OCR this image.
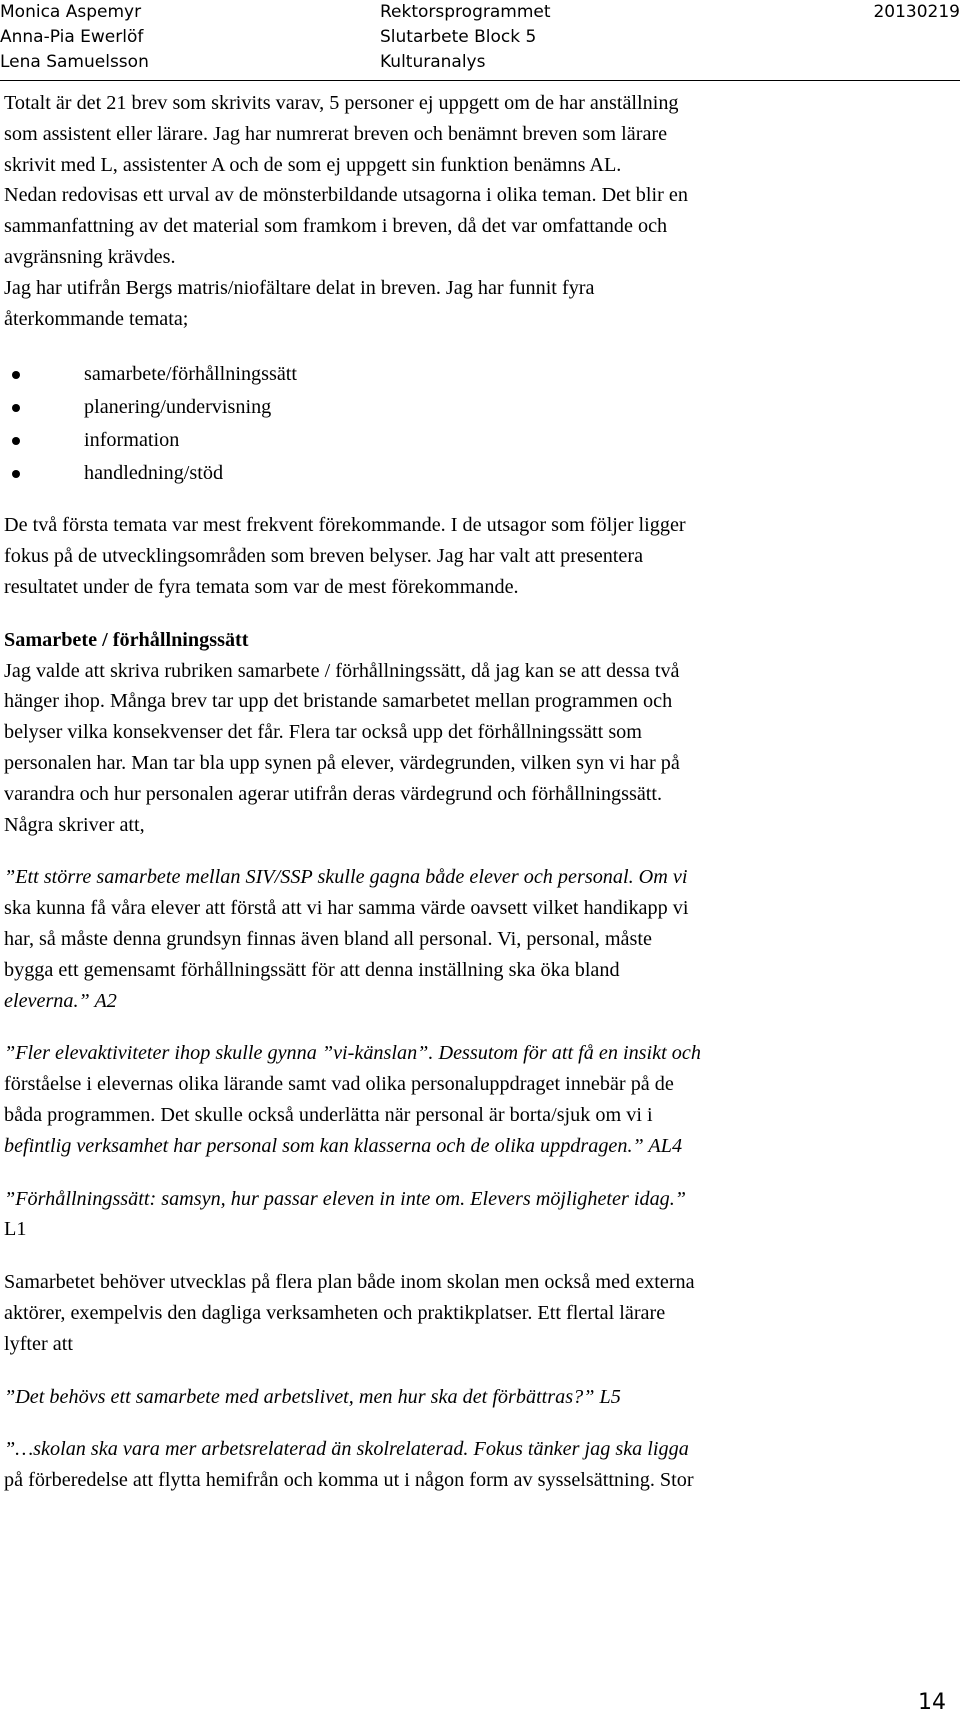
Monica Aspemyr
Anna-Pia Ewerlöf
Lena Samuelsson
Rektorsprogrammet
Slutarbete Block 5
Kulturanalys
20130219
Totalt är det 21 brev som skrivits varav, 5 personer ej uppgett om de har anställning
som assistent eller lärare. Jag har numrerat breven och benämnt breven som lärare
skrivit med L, assistenter A och de som ej uppgett sin funktion benämns AL.
Nedan redovisas ett urval av de mönsterbildande utsagorna i olika teman. Det blir en
sammanfattning av det material som framkom i breven, då det var omfattande och
avgränsning krävdes.
Jag har utifrån Bergs matris/niofältare delat in breven. Jag har funnit fyra
återkommande temata;
samarbete/förhållningssätt
planering/undervisning
information
handledning/stöd
De två första temata var mest frekvent förekommande. I de utsagor som följer ligger
fokus på de utvecklingsområden som breven belyser. Jag har valt att presentera
resultatet under de fyra temata som var de mest förekommande.
Samarbete / förhållningssätt
Jag valde att skriva rubriken samarbete / förhållningssätt, då jag kan se att dessa två
hänger ihop. Många brev tar upp det bristande samarbetet mellan programmen och
belyser vilka konsekvenser det får. Flera tar också upp det förhållningssätt som
personalen har. Man tar bla upp synen på elever, värdegrunden, vilken syn vi har på
varandra och hur personalen agerar utifrån deras värdegrund och förhållningssätt.
Några skriver att,
”Ett större samarbete mellan SIV/SSP skulle gagna både elever och personal. Om vi
ska kunna få våra elever att förstå att vi har samma värde oavsett vilket handikapp vi
har, så måste denna grundsyn finnas även bland all personal. Vi, personal, måste
bygga ett gemensamt förhållningssätt för att denna inställning ska öka bland
eleverna.” A2
”Fler elevaktiviteter ihop skulle gynna ”vi-känslan”. Dessutom för att få en insikt och
förståelse i elevernas olika lärande samt vad olika personaluppdraget innebär på de
båda programmen. Det skulle också underlätta när personal är borta/sjuk om vi i
befintlig verksamhet har personal som kan klasserna och de olika uppdragen.” AL4
”Förhållningssätt: samsyn, hur passar eleven in inte om. Elevers möjligheter idag.”
L1
Samarbetet behöver utvecklas på flera plan både inom skolan men också med externa
aktörer, exempelvis den dagliga verksamheten och praktikplatser. Ett flertal lärare
lyfter att
”Det behövs ett samarbete med arbetslivet, men hur ska det förbättras?” L5
”…skolan ska vara mer arbetsrelaterad än skolrelaterad. Fokus tänker jag ska ligga
på förberedelse att flytta hemifrån och komma ut i någon form av sysselsättning. Stor
14
